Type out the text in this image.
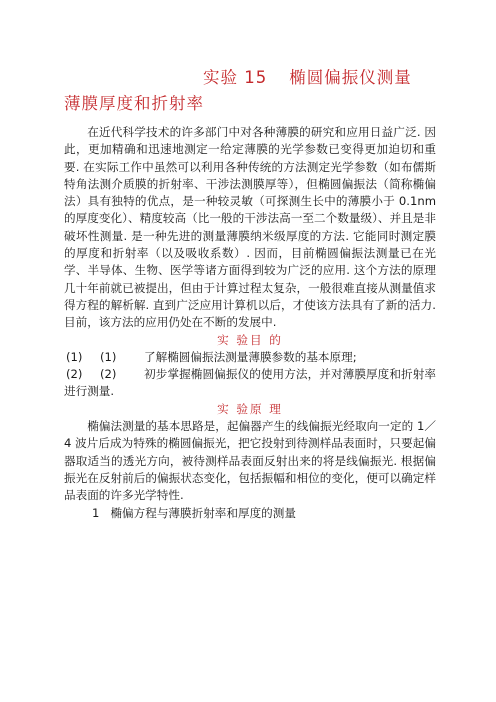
实验 15 椭圆偏振仪测量
薄膜厚度和折射率

在近代科学技术的许多部门中对各种薄膜的研究和应用日益广泛. 因此，更加精确和迅速地测定一给定薄膜的光学参数已变得更加迫切和重要. 在实际工作中虽然可以利用各种传统的方法测定光学参数（如布儒斯特角法测介质膜的折射率、干涉法测膜厚等），但椭圆偏振法（简称椭偏法）具有独特的优点，是一种较灵敏（可探测生长中的薄膜小于 0.1nm 的厚度变化）、精度较高（比一般的干涉法高一至二个数量级）、并且是非破坏性测量. 是一种先进的测量薄膜纳米级厚度的方法. 它能同时测定膜的厚度和折射率（以及吸收系数）. 因而，目前椭圆偏振法测量已在光学、半导体、生物、医学等诸方面得到较为广泛的应用. 这个方法的原理几十年前就已被提出，但由于计算过程太复杂，一般很难直接从测量值求得方程的解析解. 直到广泛应用计算机以后，才使该方法具有了新的活力. 目前，该方法的应用仍处在不断的发展中.

实 验目 的

(1) (1) 了解椭圆偏振法测量薄膜参数的基本原理;

(2) (2) 初步掌握椭圆偏振仪的使用方法，并对薄膜厚度和折射率进行测量.

实 验原 理

椭偏法测量的基本思路是，起偏器产生的线偏振光经取向一定的 1／4 波片后成为特殊的椭圆偏振光，把它投射到待测样品表面时，只要起偏器取适当的透光方向，被待测样品表面反射出来的将是线偏振光. 根据偏振光在反射前后的偏振状态变化，包括振幅和相位的变化，便可以确定样品表面的许多光学特性.

1 椭偏方程与薄膜折射率和厚度的测量
